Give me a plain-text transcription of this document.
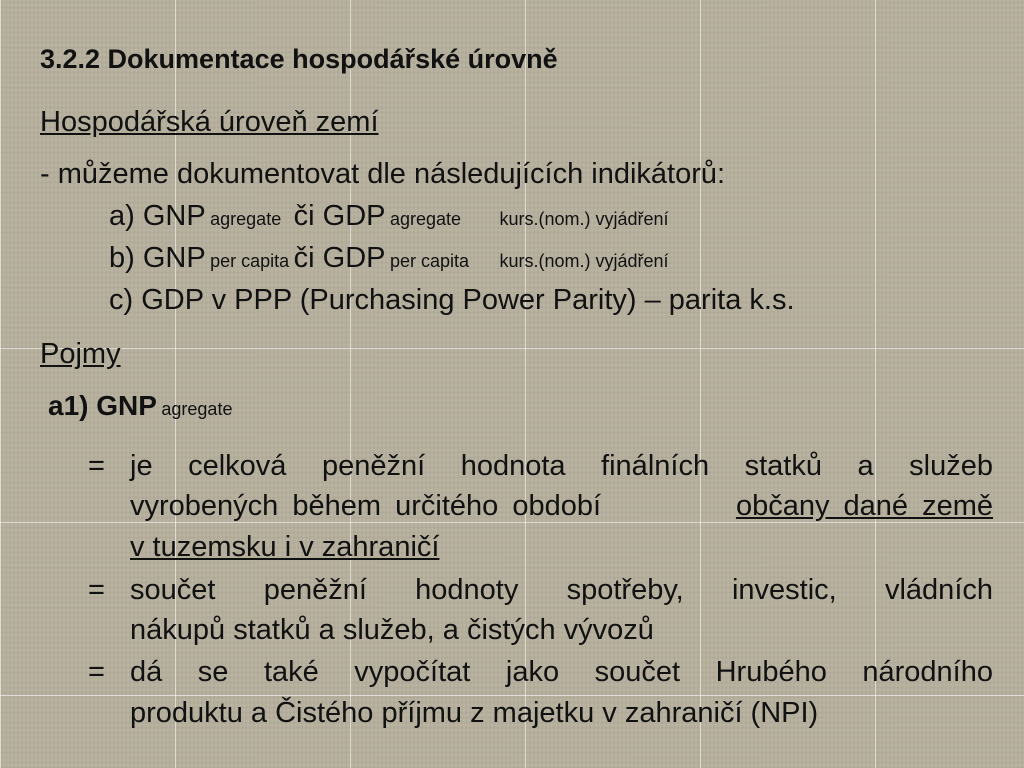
3.2.2 Dokumentace hospodářské úrovně
Hospodářská úroveň zemí
- můžeme dokumentovat dle následujících indikátorů:
a) GNP agregate či GDP agregate kurs.(nom.) vyjádření
b) GNP per capita či GDP per capita kurs.(nom.) vyjádření
c) GDP v PPP (Purchasing Power Parity) – parita k.s.
Pojmy
a1) GNP agregate
= je celková peněžní hodnota finálních statků a služeb
vyrobených během určitého období	občany dané země
v tuzemsku i v zahraničí
= součet peněžní hodnoty spotřeby, investic, vládních
nákupů statků a služeb, a čistých vývozů
= dá se také vypočítat jako součet Hrubého národního
produktu a Čistého příjmu z majetku v zahraničí (NPI)
